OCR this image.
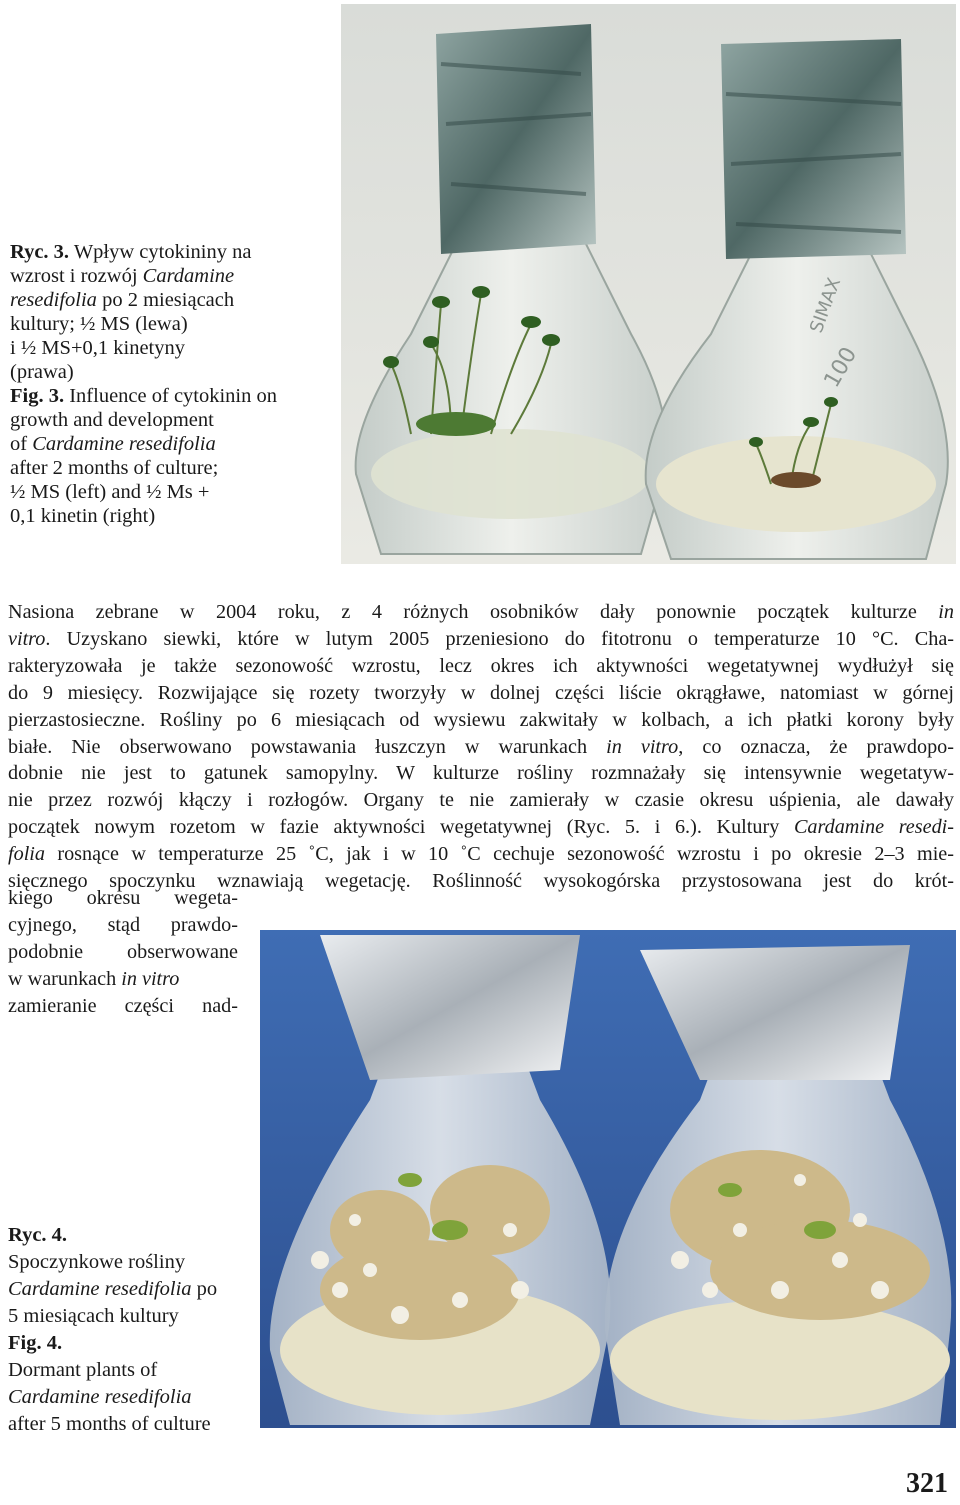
SIMAX
100
Ryc. 3. Wpływ cytokininy na
wzrost i rozwój Cardamine
resedifolia po 2 miesiącach
kultury; ½ MS (lewa)
i ½ MS+0,1 kinetyny
(prawa)
Fig. 3. Influence of cytokinin on
growth and development
of Cardamine resedifolia
after 2 months of culture;
½ MS (left) and ½ Ms +
0,1 kinetin (right)
Nasiona zebrane w 2004 roku, z 4 różnych osobników dały ponownie początek kulturze in
vitro. Uzyskano siewki, które w lutym 2005 przeniesiono do fitotronu o temperaturze 10 °C. Cha-
rakteryzowała je także sezonowość wzrostu, lecz okres ich aktywności wegetatywnej wydłużył się
do 9 miesięcy. Rozwijające się rozety tworzyły w dolnej części liście okrągławe, natomiast w górnej
pierzastosieczne. Rośliny po 6 miesiącach od wysiewu zakwitały w kolbach, a ich płatki korony były
białe. Nie obserwowano powstawania łuszczyn w warunkach in vitro, co oznacza, że prawdopo-
dobnie nie jest to gatunek samopylny. W kulturze rośliny rozmnażały się intensywnie wegetatyw-
nie przez rozwój kłączy i rozłogów. Organy te nie zamierały w czasie okresu uśpienia, ale dawały
początek nowym rozetom w fazie aktywności wegetatywnej (Ryc. 5. i 6.). Kultury Cardamine resedi-
folia rosnące w temperaturze 25 ˚C, jak i w 10 ˚C cechuje sezonowość wzrostu i po okresie 2–3 mie-
sięcznego spoczynku wznawiają wegetację. Roślinność wysokogórska przystosowana jest do krót-
kiego okresu wegeta-
cyjnego, stąd prawdo-
podobnie obserwowane
w warunkach in vitro
zamieranie części nad-
Ryc. 4.
Spoczynkowe rośliny
Cardamine resedifolia po
5 miesiącach kultury
Fig. 4.
Dormant plants of
Cardamine resedifolia
after 5 months of culture
321
